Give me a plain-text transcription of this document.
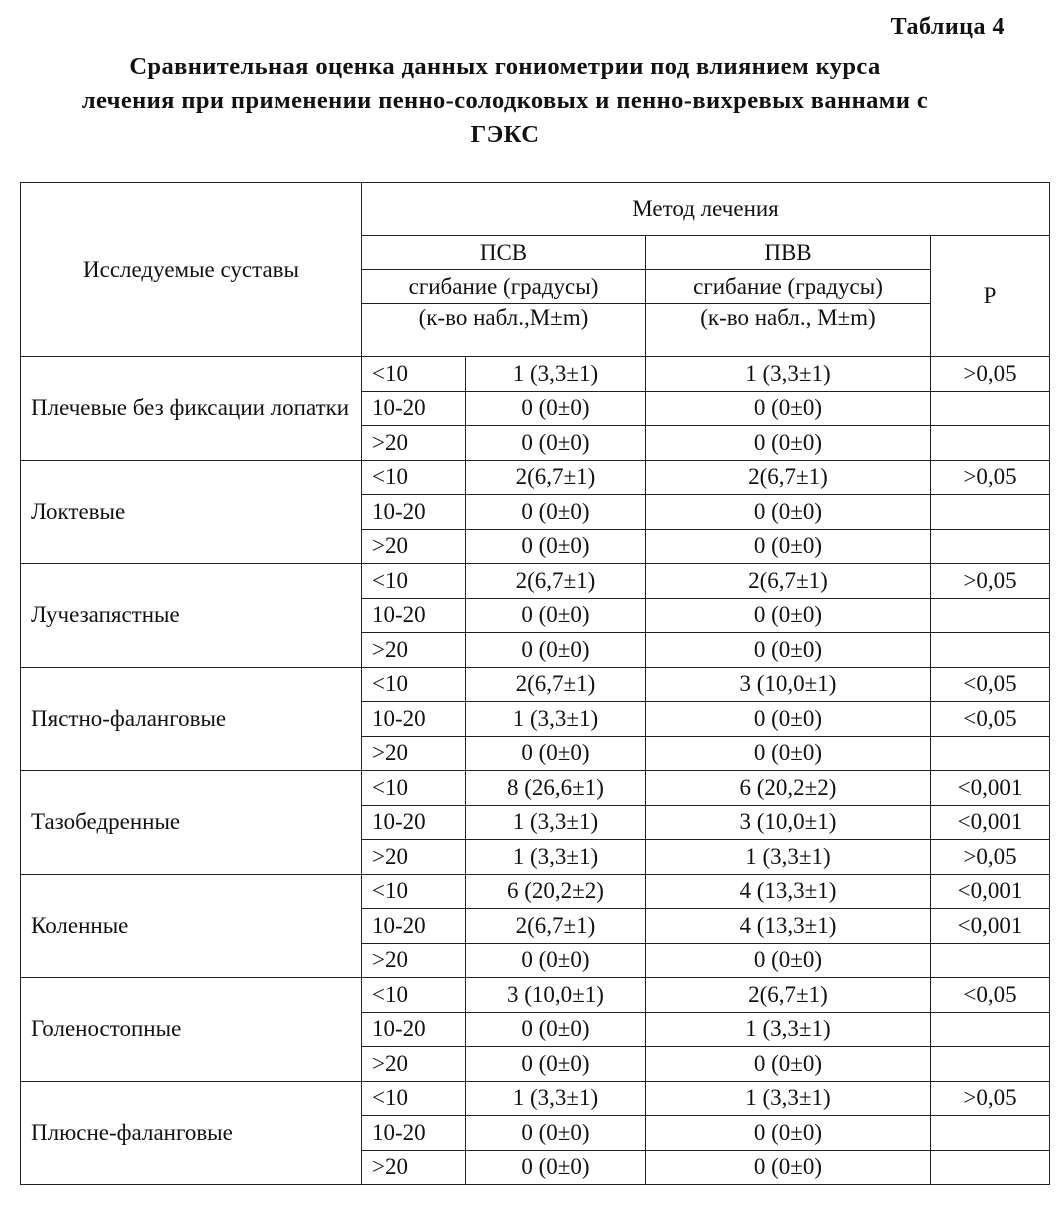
Таблица 4
Сравнительная оценка данных гониометрии под влиянием курса
лечения при применении пенно-солодковых и пенно-вихревых ваннами с
ГЭКС
Исследуемые суставы	Метод лечения			
	ПСВ		ПВВ	Р
	сгибание (градусы)		сгибание (градусы)	
	(к-во набл.,M±m)		(к-во набл., M±m)	
Плечевые без фиксации лопатки	<10	1 (3,3±1)	1 (3,3±1)	>0,05
	10-20	0 (0±0)	0 (0±0)	
	>20	0 (0±0)	0 (0±0)	
Локтевые	<10	2(6,7±1)	2(6,7±1)	>0,05
	10-20	0 (0±0)	0 (0±0)	
	>20	0 (0±0)	0 (0±0)	
Лучезапястные	<10	2(6,7±1)	2(6,7±1)	>0,05
	10-20	0 (0±0)	0 (0±0)	
	>20	0 (0±0)	0 (0±0)	
Пястно-фаланговые	<10	2(6,7±1)	3 (10,0±1)	<0,05
	10-20	1 (3,3±1)	0 (0±0)	<0,05
	>20	0 (0±0)	0 (0±0)	
Тазобедренные	<10	8 (26,6±1)	6 (20,2±2)	<0,001
	10-20	1 (3,3±1)	3 (10,0±1)	<0,001
	>20	1 (3,3±1)	1 (3,3±1)	>0,05
Коленные	<10	6 (20,2±2)	4 (13,3±1)	<0,001
	10-20	2(6,7±1)	4 (13,3±1)	<0,001
	>20	0 (0±0)	0 (0±0)	
Голеностопные	<10	3 (10,0±1)	2(6,7±1)	<0,05
	10-20	0 (0±0)	1 (3,3±1)	
	>20	0 (0±0)	0 (0±0)	
Плюсне-фаланговые	<10	1 (3,3±1)	1 (3,3±1)	>0,05
	10-20	0 (0±0)	0 (0±0)	
	>20	0 (0±0)	0 (0±0)	
